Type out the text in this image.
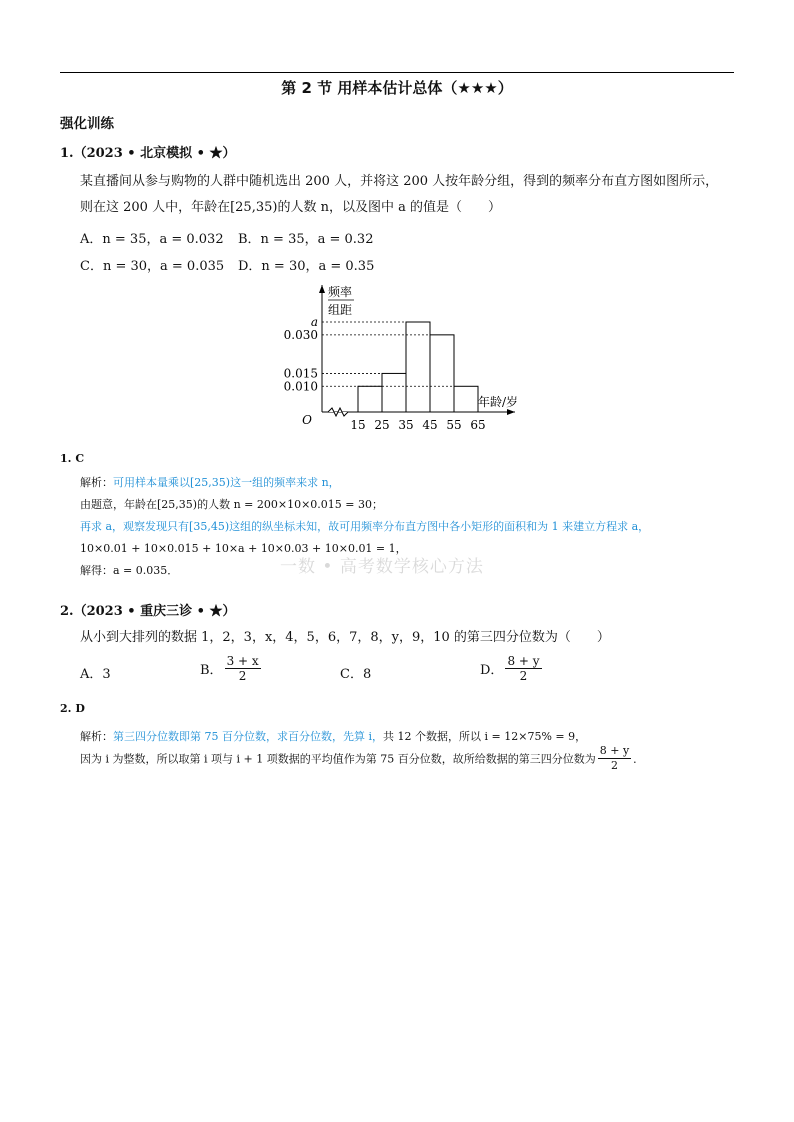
第 2 节 用样本估计总体（★★★）
强化训练
1.（2023 • 北京模拟 • ★）
某直播间从参与购物的人群中随机选出 200 人，并将这 200 人按年龄分组，得到的频率分布直方图如图所示，
则在这 200 人中，年龄在[25,35)的人数 n，以及图中 a 的值是（　　）
A．n = 35，a = 0.032 B．n = 35，a = 0.32
C．n = 30，a = 0.035 D．n = 30，a = 0.35
0.010
0.015
0.030
a
15 25 35 45 55 65
O
频率
组距
年龄/岁
1. C
解析：可用样本量乘以[25,35)这一组的频率来求 n，
由题意，年龄在[25,35)的人数 n = 200×10×0.015 = 30；
再求 a，观察发现只有[35,45)这组的纵坐标未知，故可用频率分布直方图中各小矩形的面积和为 1 来建立方程求 a，
10×0.01 + 10×0.015 + 10×a + 10×0.03 + 10×0.01 = 1，
解得：a = 0.035．	一数 • 高考数学核心方法
2.（2023 • 重庆三诊 • ★）
从小到大排列的数据 1，2，3，x，4，5，6，7，8，y，9，10 的第三四分位数为（　　）
A．3	B． $\frac{3 + x}{2}$	C．8	D． $\frac{8 + y}{2}$
2. D
解析：第三四分位数即第 75 百分位数，求百分位数，先算 i，共 12 个数据，所以 i = 12×75% = 9，
因为 i 为整数，所以取第 i 项与 i + 1 项数据的平均值作为第 75 百分位数，故所给数据的第三四分位数为 $\frac{8 + y}{2}$ ．
